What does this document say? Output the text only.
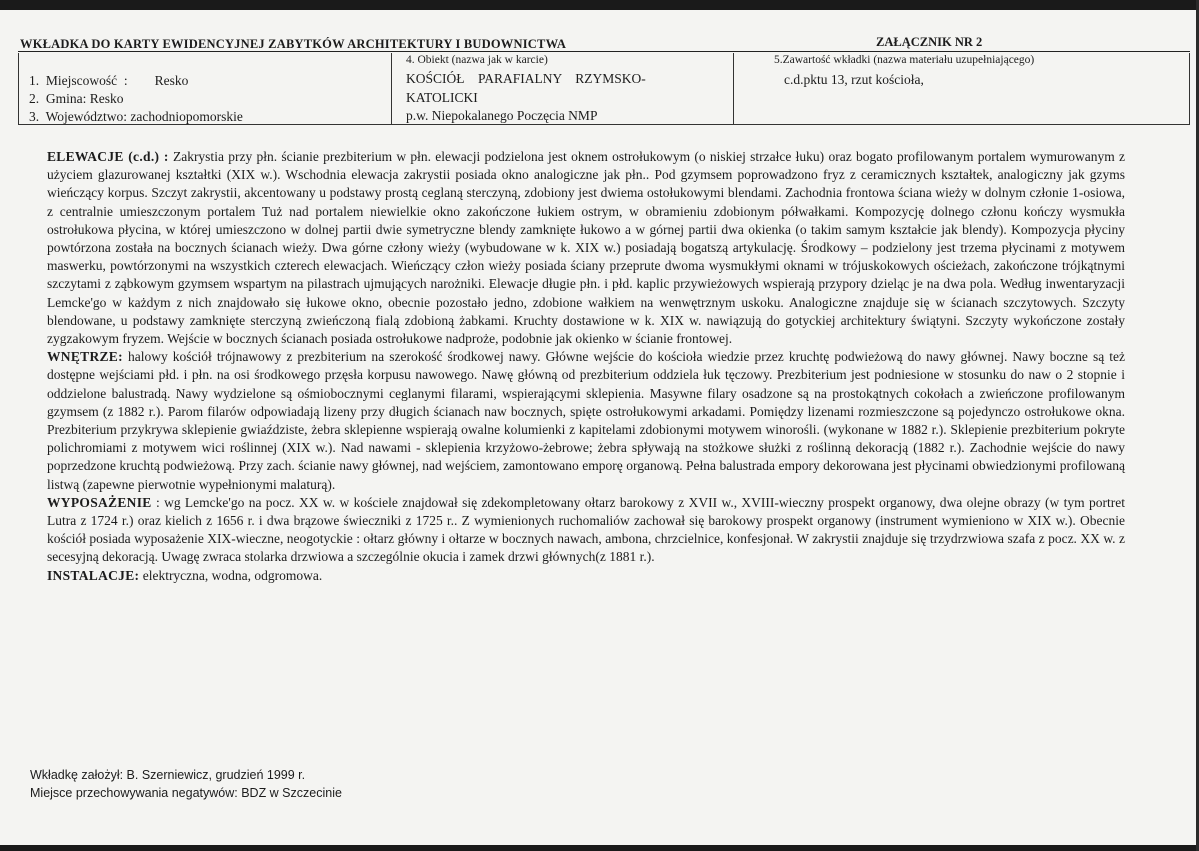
WKŁADKA DO KARTY EWIDENCYJNEJ ZABYTKÓW ARCHITEKTURY I BUDOWNICTWA	ZAŁĄCZNIK NR 2
1.  Miejscowość  :        Resko
2.  Gmina: Resko
3.  Województwo: zachodniopomorskie
4. Obiekt (nazwa jak w karcie)
KOŚCIÓŁ    PARAFIALNY    RZYMSKO-
KATOLICKI
p.w. Niepokalanego Poczęcia NMP
5.Zawartość wkładki (nazwa materiału uzupełniającego)
c.d.pktu 13, rzut kościoła,

ELEWACJE (c.d.) : Zakrystia przy płn. ścianie prezbiterium w płn. elewacji podzielona jest oknem ostrołukowym (o niskiej strzałce łuku) oraz bogato profilowanym portalem wymurowanym z użyciem glazurowanej kształtki (XIX w.). Wschodnia elewacja zakrystii posiada okno analogiczne jak płn.. Pod gzymsem poprowadzono fryz z ceramicznych kształtek, analogiczny jak gzyms wieńczący korpus. Szczyt zakrystii, akcentowany u podstawy prostą ceglaną sterczyną, zdobiony jest dwiema ostołukowymi blendami. Zachodnia frontowa ściana wieży w dolnym członie 1-osiowa, z centralnie umieszczonym portalem Tuż nad portalem niewielkie okno zakończone łukiem ostrym, w obramieniu zdobionym półwałkami. Kompozycję dolnego członu kończy wysmukła ostrołukowa płycina, w której umieszczono w dolnej partii dwie symetryczne blendy zamknięte łukowo a w górnej partii dwa okienka (o takim samym kształcie jak blendy). Kompozycja płyciny powtórzona została na bocznych ścianach wieży. Dwa górne człony wieży (wybudowane w k. XIX w.) posiadają bogatszą artykulację. Środkowy – podzielony jest trzema płycinami z motywem maswerku, powtórzonymi na wszystkich czterech elewacjach. Wieńczący człon wieży posiada ściany przeprute dwoma wysmukłymi oknami w trójuskokowych ościeżach, zakończone trójkątnymi szczytami z ząbkowym gzymsem wspartym na pilastrach ujmujących narożniki. Elewacje długie płn. i płd. kaplic przywieżowych wspierają przypory dzieląc je na dwa pola. Według inwentaryzacji Lemcke'go w każdym z nich znajdowało się łukowe okno, obecnie pozostało jedno, zdobione wałkiem na wenwętrznym uskoku. Analogiczne znajduje się w ścianach szczytowych. Szczyty blendowane, u podstawy zamknięte sterczyną zwieńczoną fialą zdobioną żabkami. Kruchty dostawione w k. XIX w. nawiązują do gotyckiej architektury świątyni. Szczyty wykończone zostały zygzakowym fryzem. Wejście w bocznych ścianach posiada ostrołukowe nadproże, podobnie jak okienko w ścianie frontowej.

WNĘTRZE: halowy kościół trójnawowy z prezbiterium na szerokość środkowej nawy. Główne wejście do kościoła wiedzie przez kruchtę podwieżową do nawy głównej. Nawy boczne są też dostępne wejściami płd. i płn. na osi środkowego przęsła korpusu nawowego. Nawę główną od prezbiterium oddziela łuk tęczowy. Prezbiterium jest podniesione w stosunku do naw o 2 stopnie i oddzielone balustradą. Nawy wydzielone są ośmiobocznymi ceglanymi filarami, wspierającymi sklepienia. Masywne filary osadzone są na prostokątnych cokołach a zwieńczone profilowanym gzymsem (z 1882 r.). Parom filarów odpowiadają lizeny przy długich ścianach naw bocznych, spięte ostrołukowymi arkadami. Pomiędzy lizenami rozmieszczone są pojedynczo ostrołukowe okna. Prezbiterium przykrywa sklepienie gwiaździste, żebra sklepienne wspierają owalne kolumienki z kapitelami zdobionymi motywem winorośli. (wykonane w 1882 r.). Sklepienie prezbiterium pokryte polichromiami z motywem wici roślinnej (XIX w.). Nad nawami - sklepienia krzyżowo-żebrowe; żebra spływają na stożkowe służki z roślinną dekoracją (1882 r.). Zachodnie wejście do nawy poprzedzone kruchtą podwieżową. Przy zach. ścianie nawy głównej, nad wejściem, zamontowano emporę organową. Pełna balustrada empory dekorowana jest płycinami obwiedzionymi profilowaną listwą (zapewne pierwotnie wypełnionymi malaturą).

WYPOSAŻENIE : wg Lemcke'go na pocz. XX w. w kościele znajdował się zdekompletowany ołtarz barokowy z XVII w., XVIII-wieczny prospekt organowy, dwa olejne obrazy (w tym portret Lutra z 1724 r.) oraz kielich z 1656 r. i dwa brązowe świeczniki z 1725 r.. Z wymienionych ruchomaliów zachował się barokowy prospekt organowy (instrument wymieniono w XIX w.). Obecnie kościół posiada wyposażenie XIX-wieczne, neogotyckie : ołtarz główny i ołtarze w bocznych nawach, ambona, chrzcielnice, konfesjonał. W zakrystii znajduje się trzydrzwiowa szafa z pocz. XX w. z secesyjną dekoracją. Uwagę zwraca stolarka drzwiowa a szczególnie okucia i zamek drzwi głównych(z 1881 r.).

INSTALACJE: elektryczna, wodna, odgromowa.

Wkładkę założył: B. Szerniewicz, grudzień 1999 r.
Miejsce przechowywania negatywów: BDZ w Szczecinie
